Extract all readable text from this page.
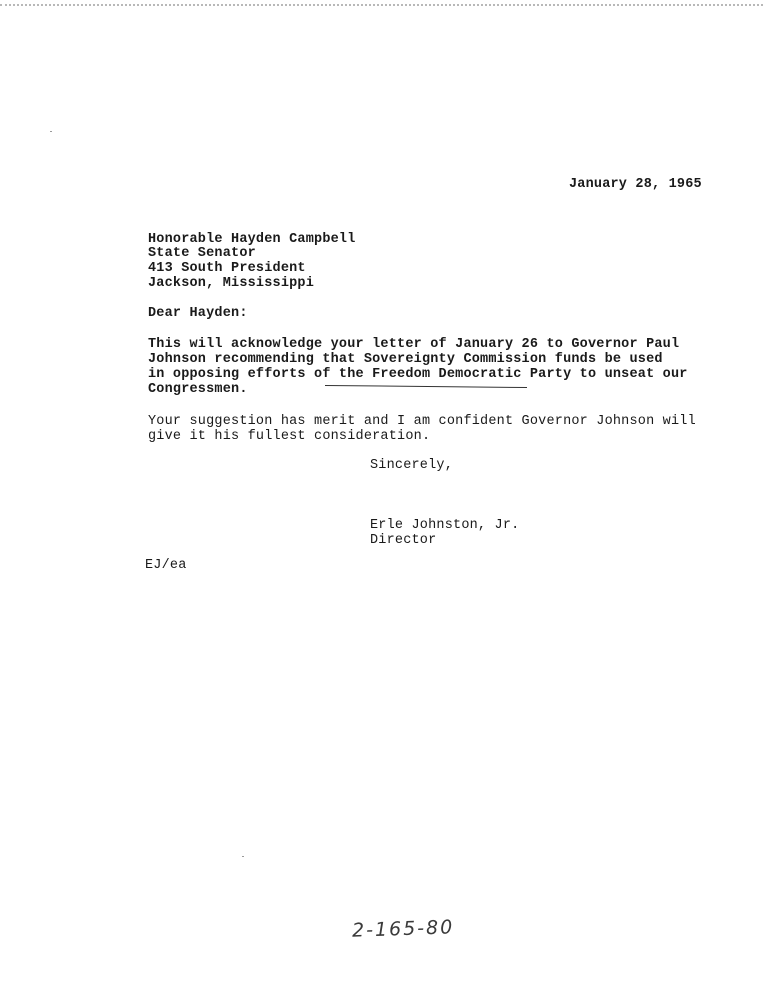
January 28, 1965
Honorable Hayden Campbell
State Senator
413 South President
Jackson, Mississippi
Dear Hayden:
This will acknowledge your letter of January 26 to Governor Paul
Johnson recommending that Sovereignty Commission funds be used
in opposing efforts of the Freedom Democratic Party to unseat our
Congressmen.
Your suggestion has merit and I am confident Governor Johnson will
give it his fullest consideration.
Sincerely,
Erle Johnston, Jr.
Director
EJ/ea
2-165-80
